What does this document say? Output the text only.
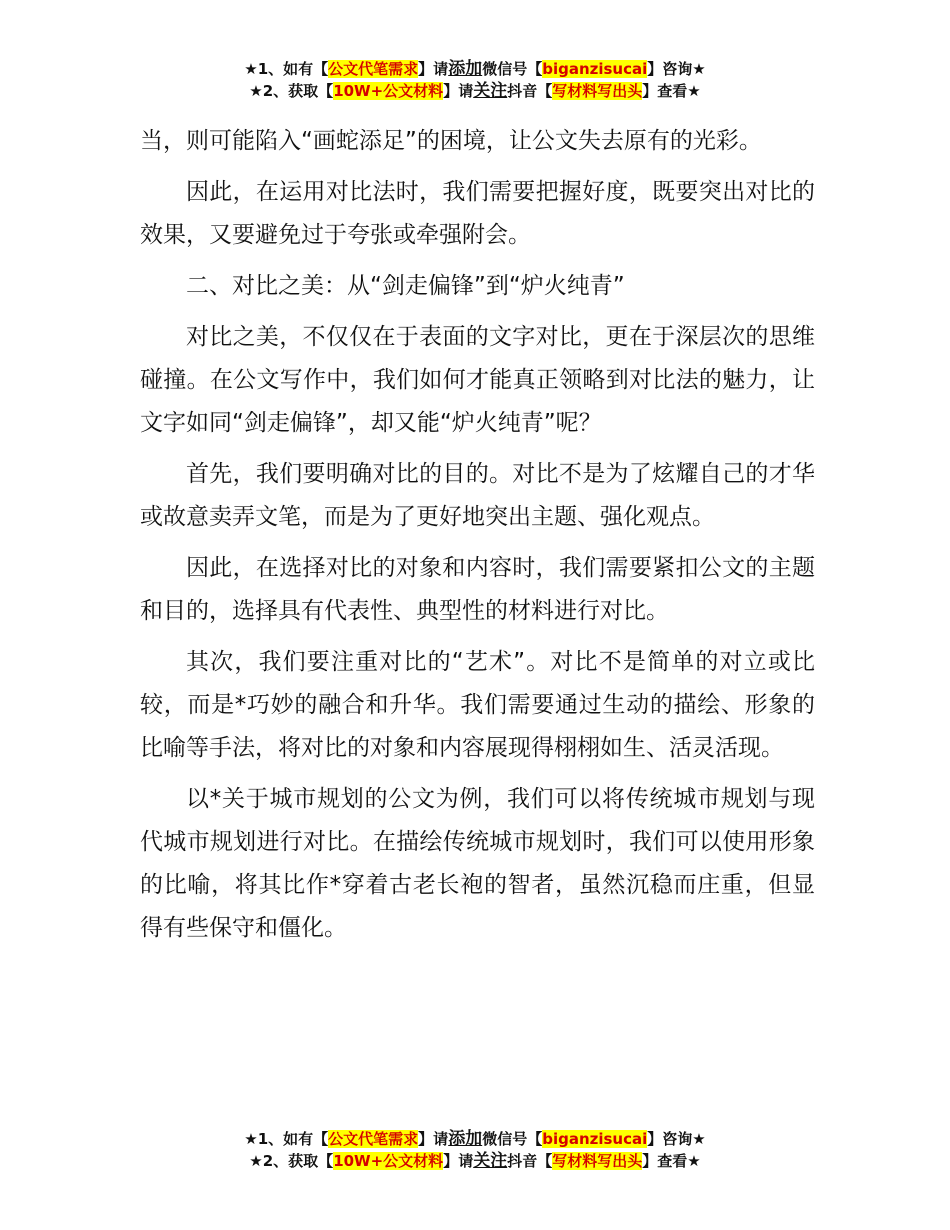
★1、如有【公文代笔需求】请添加微信号【biganzisucai】咨询★
★2、获取【10W+公文材料】请关注抖音【写材料写出头】查看★

当，则可能陷入“画蛇添足”的困境，让公文失去原有的光彩。

因此，在运用对比法时，我们需要把握好度，既要突出对比的效果，又要避免过于夸张或牵强附会。

二、对比之美：从“剑走偏锋”到“炉火纯青”

对比之美，不仅仅在于表面的文字对比，更在于深层次的思维碰撞。在公文写作中，我们如何才能真正领略到对比法的魅力，让文字如同“剑走偏锋”，却又能“炉火纯青”呢？

首先，我们要明确对比的目的。对比不是为了炫耀自己的才华或故意卖弄文笔，而是为了更好地突出主题、强化观点。

因此，在选择对比的对象和内容时，我们需要紧扣公文的主题和目的，选择具有代表性、典型性的材料进行对比。

其次，我们要注重对比的“艺术”。对比不是简单的对立或比较，而是*巧妙的融合和升华。我们需要通过生动的描绘、形象的比喻等手法，将对比的对象和内容展现得栩栩如生、活灵活现。

以*关于城市规划的公文为例，我们可以将传统城市规划与现代城市规划进行对比。在描绘传统城市规划时，我们可以使用形象的比喻，将其比作*穿着古老长袍的智者，虽然沉稳而庄重，但显得有些保守和僵化。

★1、如有【公文代笔需求】请添加微信号【biganzisucai】咨询★
★2、获取【10W+公文材料】请关注抖音【写材料写出头】查看★
